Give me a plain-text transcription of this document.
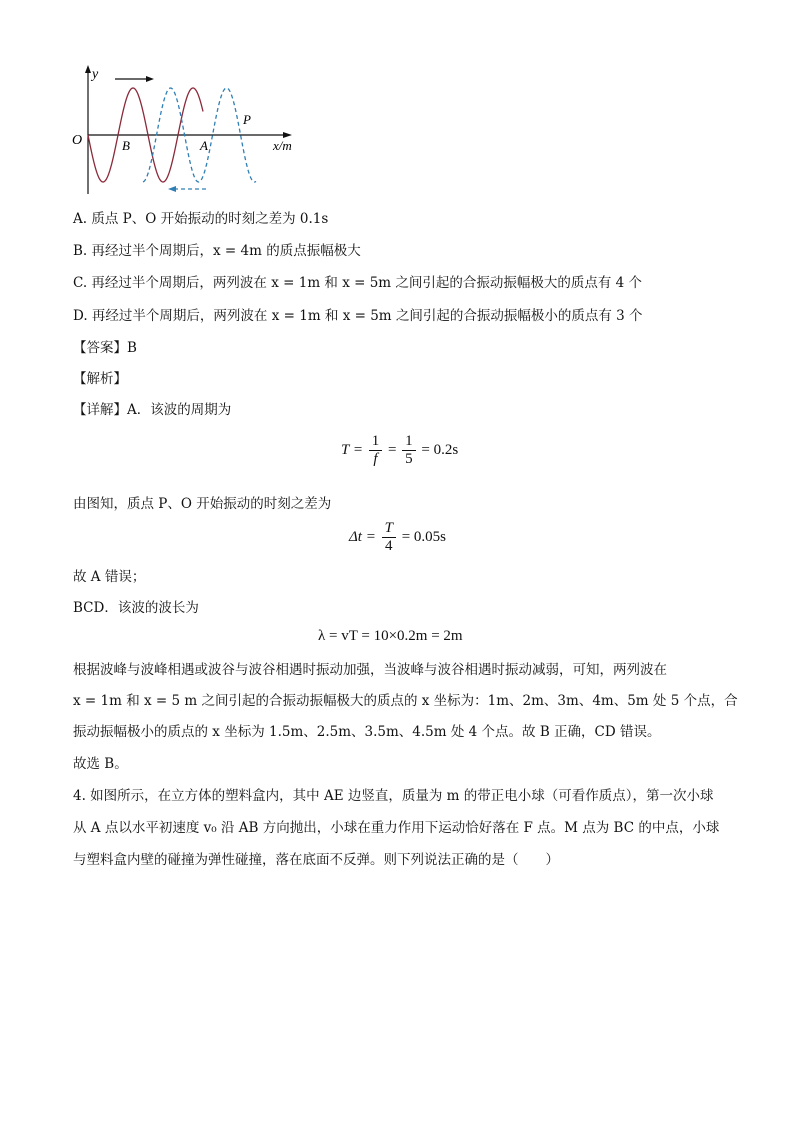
y
O	B	A
P
x/m
A. 质点 P、O 开始振动的时刻之差为 0.1s
B. 再经过半个周期后，x = 4m 的质点振幅极大
C. 再经过半个周期后，两列波在 x = 1m 和 x = 5m 之间引起的合振动振幅极大的质点有 4 个
D. 再经过半个周期后，两列波在 x = 1m 和 x = 5m 之间引起的合振动振幅极小的质点有 3 个
【答案】B
【解析】
【详解】A．该波的周期为
$T = \frac{1}{f} = \frac{1}{5} = 0.2s$
由图知，质点 P、O 开始振动的时刻之差为
$\Delta t = \frac{T}{4} = 0.05s$
故 A 错误；
BCD．该波的波长为
λ = vT = 10×0.2m = 2m
根据波峰与波峰相遇或波谷与波谷相遇时振动加强，当波峰与波谷相遇时振动减弱，可知，两列波在
x = 1m 和 x = 5 m 之间引起的合振动振幅极大的质点的 x 坐标为：1m、2m、3m、4m、5m 处 5 个点，合
振动振幅极小的质点的 x 坐标为 1.5m、2.5m、3.5m、4.5m 处 4 个点。故 B 正确，CD 错误。
故选 B。
4. 如图所示，在立方体的塑料盒内，其中 AE 边竖直，质量为 m 的带正电小球（可看作质点），第一次小球
从 A 点以水平初速度 v₀ 沿 AB 方向抛出，小球在重力作用下运动恰好落在 F 点。M 点为 BC 的中点，小球
与塑料盒内壁的碰撞为弹性碰撞，落在底面不反弹。则下列说法正确的是（　　）
